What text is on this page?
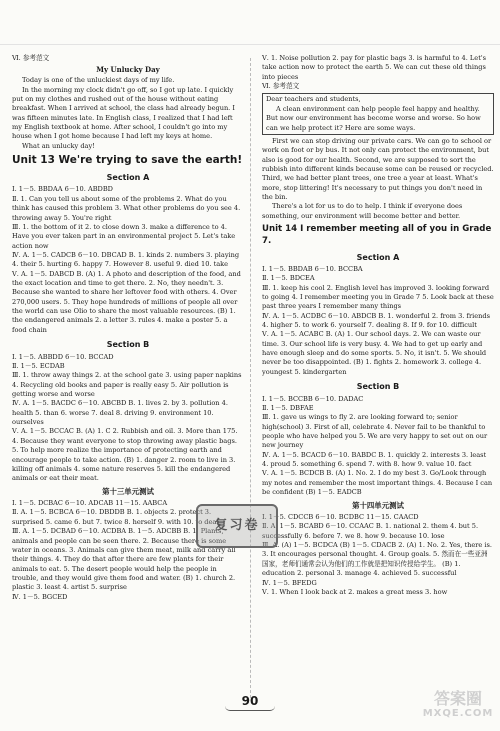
Ⅵ. 参考范文

My Unlucky Day

Today is one of the unluckiest days of my life.

In the morning my clock didn't go off, so I got up late. I quickly put on my clothes and rushed out of the house without eating breakfast. When I arrived at school, the class had already begun. I was fifteen minutes late. In English class, I realized that I had left my English textbook at home. After school, I couldn't go into my house when I got home because I had left my keys at home.

What an unlucky day!

Unit 13 We're trying to save the earth!

Section A

Ⅰ. 1－5. BBDAA 6－10. ABDBD

Ⅱ. 1. Can you tell us about some of the problems 2. What do you think has caused this problem 3. What other problems do you see 4. throwing away 5. You're right

Ⅲ. 1. the bottom of it 2. to close down 3. make a difference to 4. Have you ever taken part in an environmental project 5. Let's take action now

Ⅳ. A. 1－5. CADCB 6－10. DBCAD B. 1. kinds 2. numbers 3. playing 4. their 5. hurting 6. happy 7. However 8. useful 9. died 10. take

Ⅴ. A. 1－5. DABCD B. (A) 1. A photo and description of the food, and the exact location and time to get there. 2. No, they needn't. 3. Because she wanted to share her leftover food with others. 4. Over 270,000 users. 5. They hope hundreds of millions of people all over the world can use Olio to share the most valuable resources. (B) 1. the endangered animals 2. a letter 3. rules 4. make a poster 5. a food chain

Section B

Ⅰ. 1－5. ABBDD 6－10. BCCAD

Ⅱ. 1－5. ECDAB

Ⅲ. 1. throw away things 2. at the school gate 3. using paper napkins 4. Recycling old books and paper is really easy 5. Air pollution is getting worse and worse

Ⅳ. A. 1－5. BACDC 6－10. ABCBD B. 1. lives 2. by 3. pollution 4. health 5. than 6. worse 7. deal 8. driving 9. environment 10. ourselves

Ⅴ. A. 1－5. BCCAC B. (A) 1. C 2. Rubbish and oil. 3. More than 175. 4. Because they want everyone to stop throwing away plastic bags. 5. To help more realize the importance of protecting earth and encourage people to take action. (B) 1. danger 2. room to live in 3. killing off animals 4. some nature reserves 5. kill the endangered animals or eat their meat.

第十三单元测试

Ⅰ. 1－5. DCBAC 6－10. ADCAB 11－15. AABCA

Ⅱ. A. 1－5. BCBCA 6－10. DBDDB B. 1. objects 2. protect 3. surprised 5. came 6. but 7. twice 8. herself 9. with 10. to deal

Ⅲ. A. 1－5. DCBAD 6－10. ACDBA B. 1－5. ADCBB B. 1. Plants, animals and people can be seen there. 2. Because there is some water in oceans. 3. Animals can give them meat, milk and carry all their things. 4. They do that after there are few plants for their animals to eat. 5. The desert people would help the people in trouble, and they would give them food and water. (B) 1. church 2. plastic 3. least 4. artist 5. surprise

Ⅳ. 1－5. BGCED

Ⅴ. 1. Noise pollution 2. pay for plastic bags 3. is harmful to 4. Let's take action now to protect the earth 5. We can cut these old things into pieces

Ⅵ. 参考范文

Dear teachers and students,

A clean environment can help people feel happy and healthy. But now our environment has become worse and worse. So how can we help protect it? Here are some ways.

First we can stop driving our private cars. We can go to school or work on foot or by bus. It not only can protect the environment, but also is good for our health. Second, we are supposed to sort the rubbish into different kinds because some can be reused or recycled. Third, we had better plant trees, one tree a year at least. What's more, stop littering! It's necessary to put things you don't need in the bin.

There's a lot for us to do to help. I think if everyone does something, our environment will become better and better.

Unit 14 I remember meeting all of you in Grade 7.

Section A

Ⅰ. 1－5. BBDAB 6－10. BCCBA

Ⅱ. 1－5. BDCEA

Ⅲ. 1. keep his cool 2. English level has improved 3. looking forward to going 4. I remember meeting you in Grade 7 5. Look back at these past three years I remember many things

Ⅳ. A. 1－5. ACDBC 6－10. ABDCB B. 1. wonderful 2. from 3. friends 4. higher 5. to work 6. yourself 7. dealing 8. If 9. for 10. difficult

Ⅴ. A. 1－5. ACABC B. (A) 1. Our school days. 2. We can waste our time. 3. Our school life is very busy. 4. We had to get up early and have enough sleep and do some sports. 5. No, it isn't. 5. We should never be too disappointed. (B) 1. fights 2. homework 3. college 4. youngest 5. kindergarten

Section B

Ⅰ. 1－5. BCCBB 6－10. DADAC

Ⅱ. 1－5. DBFAE

Ⅲ. 1. gave us wings to fly 2. are looking forward to; senior high(school) 3. First of all, celebrate 4. Never fail to be thankful to people who have helped you 5. We are very happy to set out on our new journey

Ⅳ. A. 1－5. BCACD 6－10. BABDC B. 1. quickly 2. interests 3. least 4. proud 5. something 6. spend 7. with 8. how 9. value 10. fact

Ⅴ. A. 1－5. BCDCB B. (A) 1. No. 2. I do my best 3. Go/Look through my notes and remember the most important things. 4. Because I can be confident (B) 1－5. EADCB

第十四单元测试

Ⅰ. 1－5. CDCCB 6－10. BCDBC 11－15. CAACD

Ⅱ. A. 1－5. BCABD 6－10. CCAAC B. 1. national 2. them 4. but 5. successfully 6. before 7. we 8. how 9. because 10. lose

Ⅲ. A. (A) 1－5. BCDCA (B) 1－5. CDACB 2. (A) 1. No. 2. Yes, there is. 3. It encourages personal thought. 4. Group goals. 5. 然而在一些亚洲国家，老师们通常会认为他们的工作就是把知识传授给学生。 (B) 1. education 2. personal 3. manage 4. achieved 5. successful

Ⅳ. 1－5. BFEDG

Ⅴ. 1. When I look back at 2. makes a great mess 3. how

复习卷
90	答案圈
MXQE.COM
